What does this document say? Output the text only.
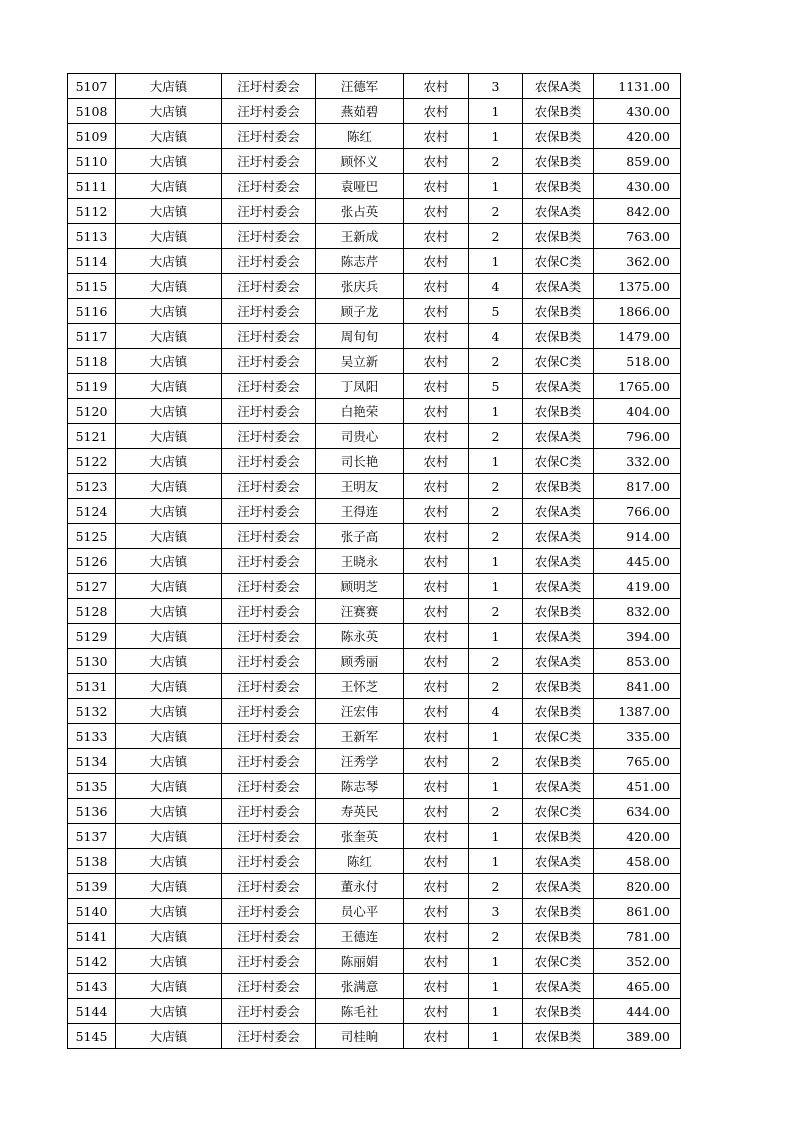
5107	大店镇	汪圩村委会	汪德军	农村	3	农保A类	1131.00
5108	大店镇	汪圩村委会	燕茹碧	农村	1	农保B类	430.00
5109	大店镇	汪圩村委会	陈红	农村	1	农保B类	420.00
5110	大店镇	汪圩村委会	顾怀义	农村	2	农保B类	859.00
5111	大店镇	汪圩村委会	袁哑巴	农村	1	农保B类	430.00
5112	大店镇	汪圩村委会	张占英	农村	2	农保A类	842.00
5113	大店镇	汪圩村委会	王新成	农村	2	农保B类	763.00
5114	大店镇	汪圩村委会	陈志芹	农村	1	农保C类	362.00
5115	大店镇	汪圩村委会	张庆兵	农村	4	农保A类	1375.00
5116	大店镇	汪圩村委会	顾子龙	农村	5	农保B类	1866.00
5117	大店镇	汪圩村委会	周旬旬	农村	4	农保B类	1479.00
5118	大店镇	汪圩村委会	吴立新	农村	2	农保C类	518.00
5119	大店镇	汪圩村委会	丁凤阳	农村	5	农保A类	1765.00
5120	大店镇	汪圩村委会	白艳荣	农村	1	农保B类	404.00
5121	大店镇	汪圩村委会	司贵心	农村	2	农保A类	796.00
5122	大店镇	汪圩村委会	司长艳	农村	1	农保C类	332.00
5123	大店镇	汪圩村委会	王明友	农村	2	农保B类	817.00
5124	大店镇	汪圩村委会	王得连	农村	2	农保A类	766.00
5125	大店镇	汪圩村委会	张子高	农村	2	农保A类	914.00
5126	大店镇	汪圩村委会	王晓永	农村	1	农保A类	445.00
5127	大店镇	汪圩村委会	顾明芝	农村	1	农保A类	419.00
5128	大店镇	汪圩村委会	汪赛赛	农村	2	农保B类	832.00
5129	大店镇	汪圩村委会	陈永英	农村	1	农保A类	394.00
5130	大店镇	汪圩村委会	顾秀丽	农村	2	农保A类	853.00
5131	大店镇	汪圩村委会	王怀芝	农村	2	农保B类	841.00
5132	大店镇	汪圩村委会	汪宏伟	农村	4	农保B类	1387.00
5133	大店镇	汪圩村委会	王新军	农村	1	农保C类	335.00
5134	大店镇	汪圩村委会	汪秀学	农村	2	农保B类	765.00
5135	大店镇	汪圩村委会	陈志琴	农村	1	农保A类	451.00
5136	大店镇	汪圩村委会	寿英民	农村	2	农保C类	634.00
5137	大店镇	汪圩村委会	张奎英	农村	1	农保B类	420.00
5138	大店镇	汪圩村委会	陈红	农村	1	农保A类	458.00
5139	大店镇	汪圩村委会	董永付	农村	2	农保A类	820.00
5140	大店镇	汪圩村委会	员心平	农村	3	农保B类	861.00
5141	大店镇	汪圩村委会	王德连	农村	2	农保B类	781.00
5142	大店镇	汪圩村委会	陈丽娟	农村	1	农保C类	352.00
5143	大店镇	汪圩村委会	张满意	农村	1	农保A类	465.00
5144	大店镇	汪圩村委会	陈毛社	农村	1	农保B类	444.00
5145	大店镇	汪圩村委会	司桂晌	农村	1	农保B类	389.00
